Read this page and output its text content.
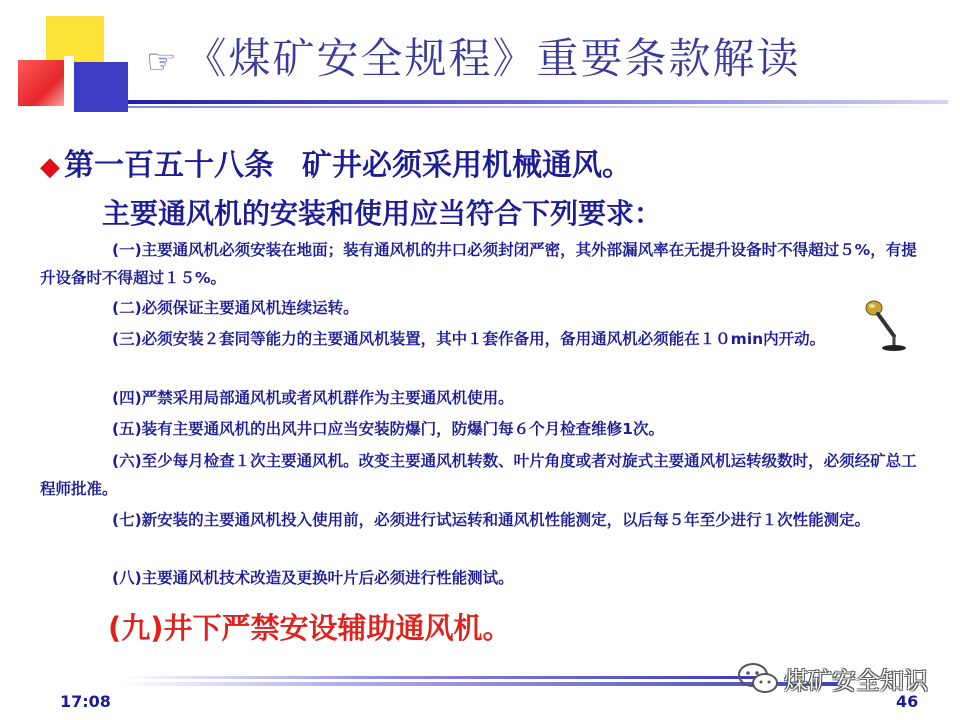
☞ 《煤矿安全规程》重要条款解读
◆ 第一百五十八条 矿井必须采用机械通风。
主要通风机的安装和使用应当符合下列要求：
(一)主要通风机必须安装在地面；装有通风机的井口必须封闭严密，其外部漏风率在无提升设备时不得超过５%，有提升设备时不得超过１５%。
(二)必须保证主要通风机连续运转。
(三)必须安装２套同等能力的主要通风机装置，其中１套作备用，备用通风机必须能在１０min内开动。
(四)严禁采用局部通风机或者风机群作为主要通风机使用。
(五)装有主要通风机的出风井口应当安装防爆门，防爆门每６个月检查维修1次。
(六)至少每月检查１次主要通风机。改变主要通风机转数、叶片角度或者对旋式主要通风机运转级数时，必须经矿总工程师批准。
(七)新安装的主要通风机投入使用前，必须进行试运转和通风机性能测定，以后每５年至少进行１次性能测定。
(八)主要通风机技术改造及更换叶片后必须进行性能测试。
(九)井下严禁安设辅助通风机。
17:08	46
煤矿安全知识
